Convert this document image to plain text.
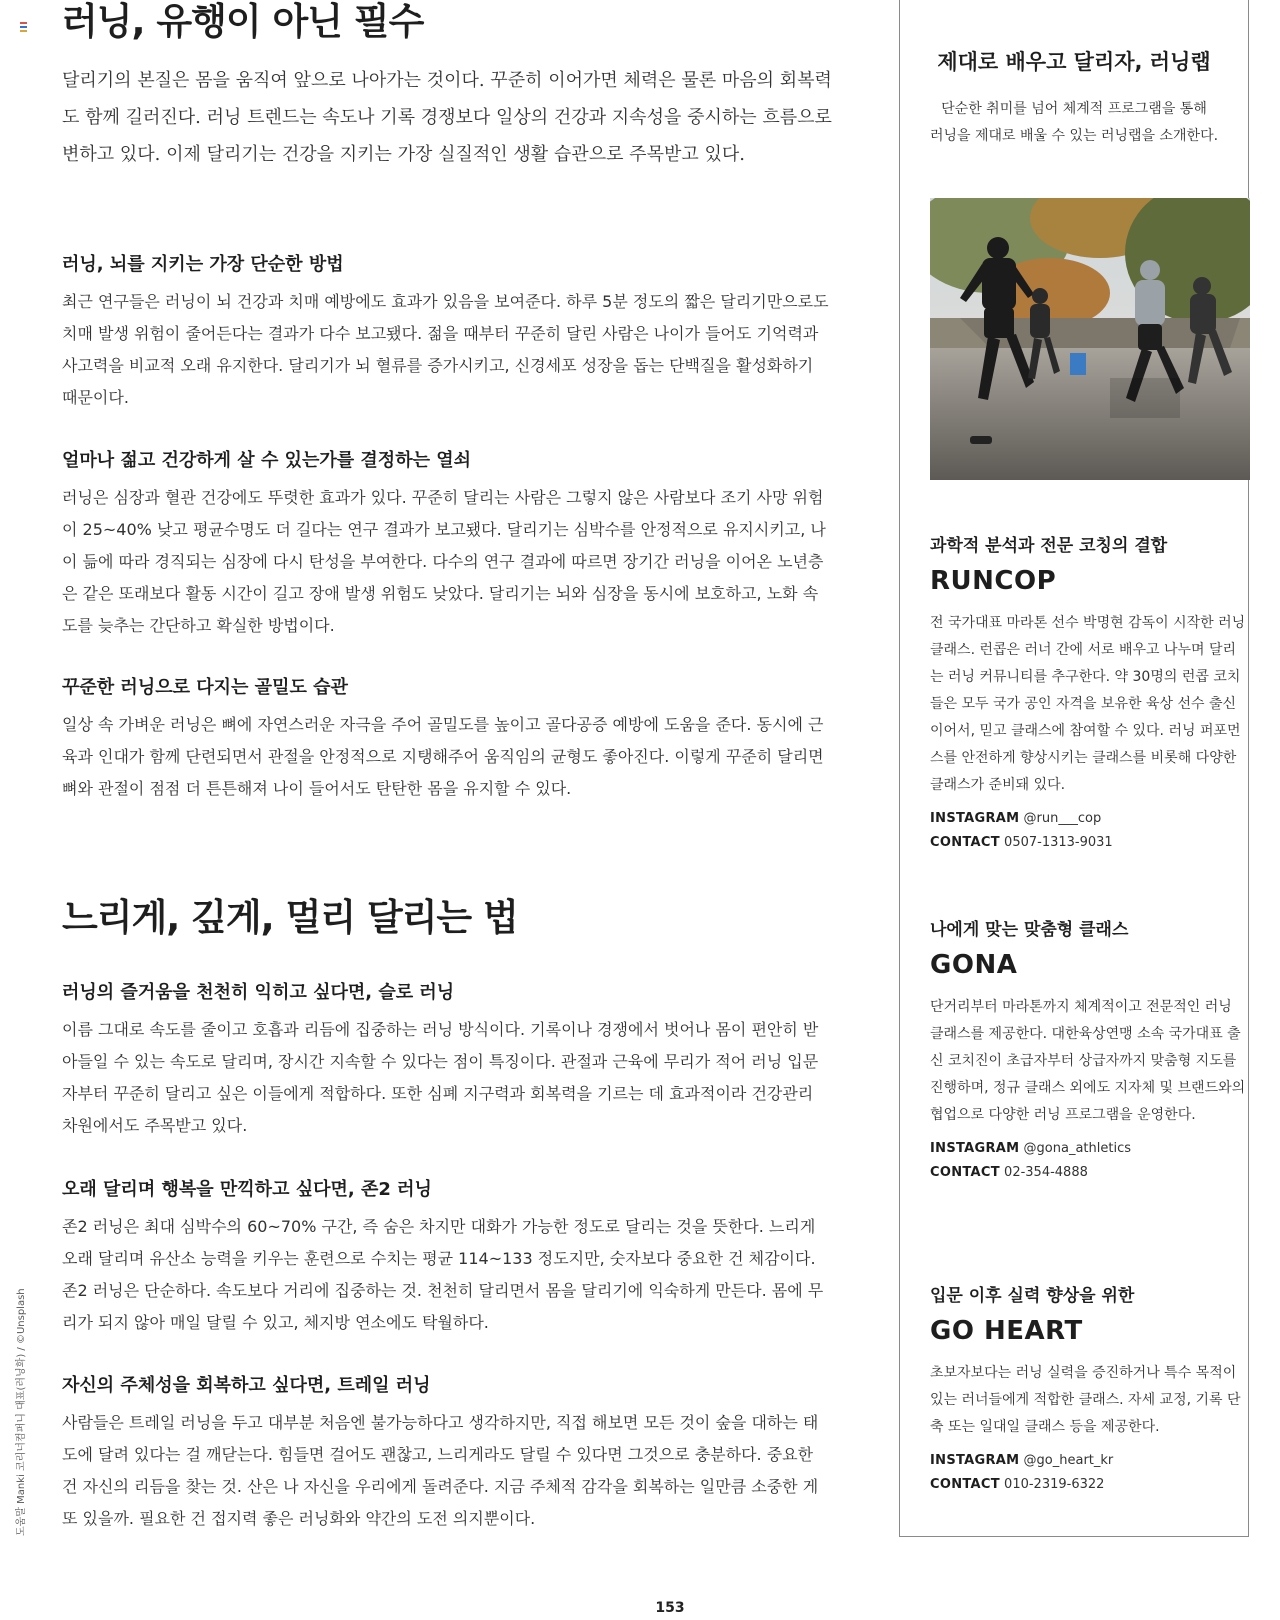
러닝, 유행이 아닌 필수

달리기의 본질은 몸을 움직여 앞으로 나아가는 것이다. 꾸준히 이어가면 체력은 물론 마음의 회복력도 함께 길러진다. 러닝 트렌드는 속도나 기록 경쟁보다 일상의 건강과 지속성을 중시하는 흐름으로 변하고 있다. 이제 달리기는 건강을 지키는 가장 실질적인 생활 습관으로 주목받고 있다.

러닝, 뇌를 지키는 가장 단순한 방법

최근 연구들은 러닝이 뇌 건강과 치매 예방에도 효과가 있음을 보여준다. 하루 5분 정도의 짧은 달리기만으로도 치매 발생 위험이 줄어든다는 결과가 다수 보고됐다. 젊을 때부터 꾸준히 달린 사람은 나이가 들어도 기억력과 사고력을 비교적 오래 유지한다. 달리기가 뇌 혈류를 증가시키고, 신경세포 성장을 돕는 단백질을 활성화하기 때문이다.

얼마나 젊고 건강하게 살 수 있는가를 결정하는 열쇠

러닝은 심장과 혈관 건강에도 뚜렷한 효과가 있다. 꾸준히 달리는 사람은 그렇지 않은 사람보다 조기 사망 위험이 25~40% 낮고 평균수명도 더 길다는 연구 결과가 보고됐다. 달리기는 심박수를 안정적으로 유지시키고, 나이 듦에 따라 경직되는 심장에 다시 탄성을 부여한다. 다수의 연구 결과에 따르면 장기간 러닝을 이어온 노년층은 같은 또래보다 활동 시간이 길고 장애 발생 위험도 낮았다. 달리기는 뇌와 심장을 동시에 보호하고, 노화 속도를 늦추는 간단하고 확실한 방법이다.

꾸준한 러닝으로 다지는 골밀도 습관

일상 속 가벼운 러닝은 뼈에 자연스러운 자극을 주어 골밀도를 높이고 골다공증 예방에 도움을 준다. 동시에 근육과 인대가 함께 단련되면서 관절을 안정적으로 지탱해주어 움직임의 균형도 좋아진다. 이렇게 꾸준히 달리면 뼈와 관절이 점점 더 튼튼해져 나이 들어서도 탄탄한 몸을 유지할 수 있다.

느리게, 깊게, 멀리 달리는 법
러닝의 즐거움을 천천히 익히고 싶다면, 슬로 러닝

이름 그대로 속도를 줄이고 호흡과 리듬에 집중하는 러닝 방식이다. 기록이나 경쟁에서 벗어나 몸이 편안히 받아들일 수 있는 속도로 달리며, 장시간 지속할 수 있다는 점이 특징이다. 관절과 근육에 무리가 적어 러닝 입문자부터 꾸준히 달리고 싶은 이들에게 적합하다. 또한 심폐 지구력과 회복력을 기르는 데 효과적이라 건강관리 차원에서도 주목받고 있다.

오래 달리며 행복을 만끽하고 싶다면, 존2 러닝

존2 러닝은 최대 심박수의 60~70% 구간, 즉 숨은 차지만 대화가 가능한 정도로 달리는 것을 뜻한다. 느리게 오래 달리며 유산소 능력을 키우는 훈련으로 수치는 평균 114~133 정도지만, 숫자보다 중요한 건 체감이다. 존2 러닝은 단순하다. 속도보다 거리에 집중하는 것. 천천히 달리면서 몸을 달리기에 익숙하게 만든다. 몸에 무리가 되지 않아 매일 달릴 수 있고, 체지방 연소에도 탁월하다.

자신의 주체성을 회복하고 싶다면, 트레일 러닝

사람들은 트레일 러닝을 두고 대부분 처음엔 불가능하다고 생각하지만, 직접 해보면 모든 것이 숲을 대하는 태도에 달려 있다는 걸 깨닫는다. 힘들면 걸어도 괜찮고, 느리게라도 달릴 수 있다면 그것으로 충분하다. 중요한 건 자신의 리듬을 찾는 것. 산은 나 자신을 우리에게 돌려준다. 지금 주체적 감각을 회복하는 일만큼 소중한 게 또 있을까. 필요한 건 접지력 좋은 러닝화와 약간의 도전 의지뿐이다.

제대로 배우고 달리자, 러닝랩
단순한 취미를 넘어 체계적 프로그램을 통해
러닝을 제대로 배울 수 있는 러닝랩을 소개한다.

과학적 분석과 전문 코칭의 결합

RUNCOP

전 국가대표 마라톤 선수 박명현 감독이 시작한 러닝 클래스. 런콥은 러너 간에 서로 배우고 나누며 달리는 러닝 커뮤니티를 추구한다. 약 30명의 런콥 코치들은 모두 국가 공인 자격을 보유한 육상 선수 출신이어서, 믿고 클래스에 참여할 수 있다. 러닝 퍼포먼스를 안전하게 향상시키는 클래스를 비롯해 다양한 클래스가 준비돼 있다.

INSTAGRAM @run___cop

CONTACT 0507-1313-9031

나에게 맞는 맞춤형 클래스

GONA

단거리부터 마라톤까지 체계적이고 전문적인 러닝 클래스를 제공한다. 대한육상연맹 소속 국가대표 출신 코치진이 초급자부터 상급자까지 맞춤형 지도를 진행하며, 정규 클래스 외에도 지자체 및 브랜드와의 협업으로 다양한 러닝 프로그램을 운영한다.

INSTAGRAM @gona_athletics

CONTACT 02-354-4888

입문 이후 실력 향상을 위한

GO HEART

초보자보다는 러닝 실력을 증진하거나 특수 목적이 있는 러너들에게 적합한 클래스. 자세 교정, 기록 단축 또는 일대일 클래스 등을 제공한다.

INSTAGRAM @go_heart_kr

CONTACT 010-2319-6322

도움말 Manki 코리너컴퍼니 대표(러닝화) / ©Unsplash
153
